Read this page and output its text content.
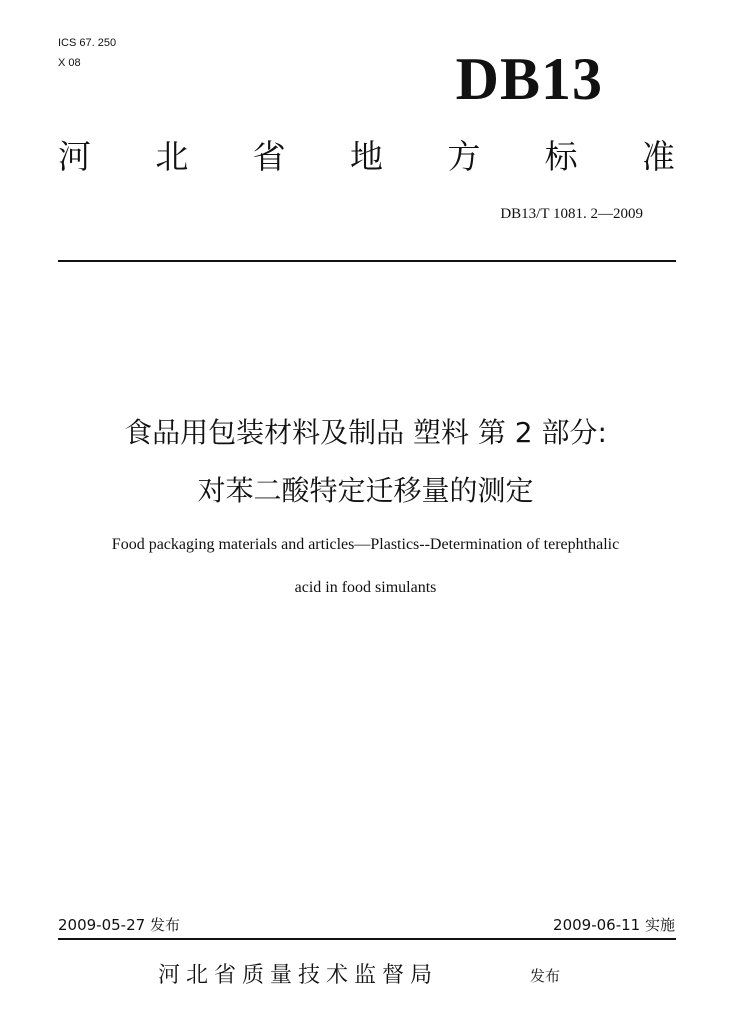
ICS 67. 250
X 08	DB13
河 北 省 地 方 标 准
DB13/T 1081. 2—2009
食品用包装材料及制品 塑料 第 2 部分:
对苯二酸特定迁移量的测定
Food packaging materials and articles—Plastics--Determination of terephthalic
acid in food simulants
2009-05-27 发布	2009-06-11 实施
河北省质量技术监督局	发布
